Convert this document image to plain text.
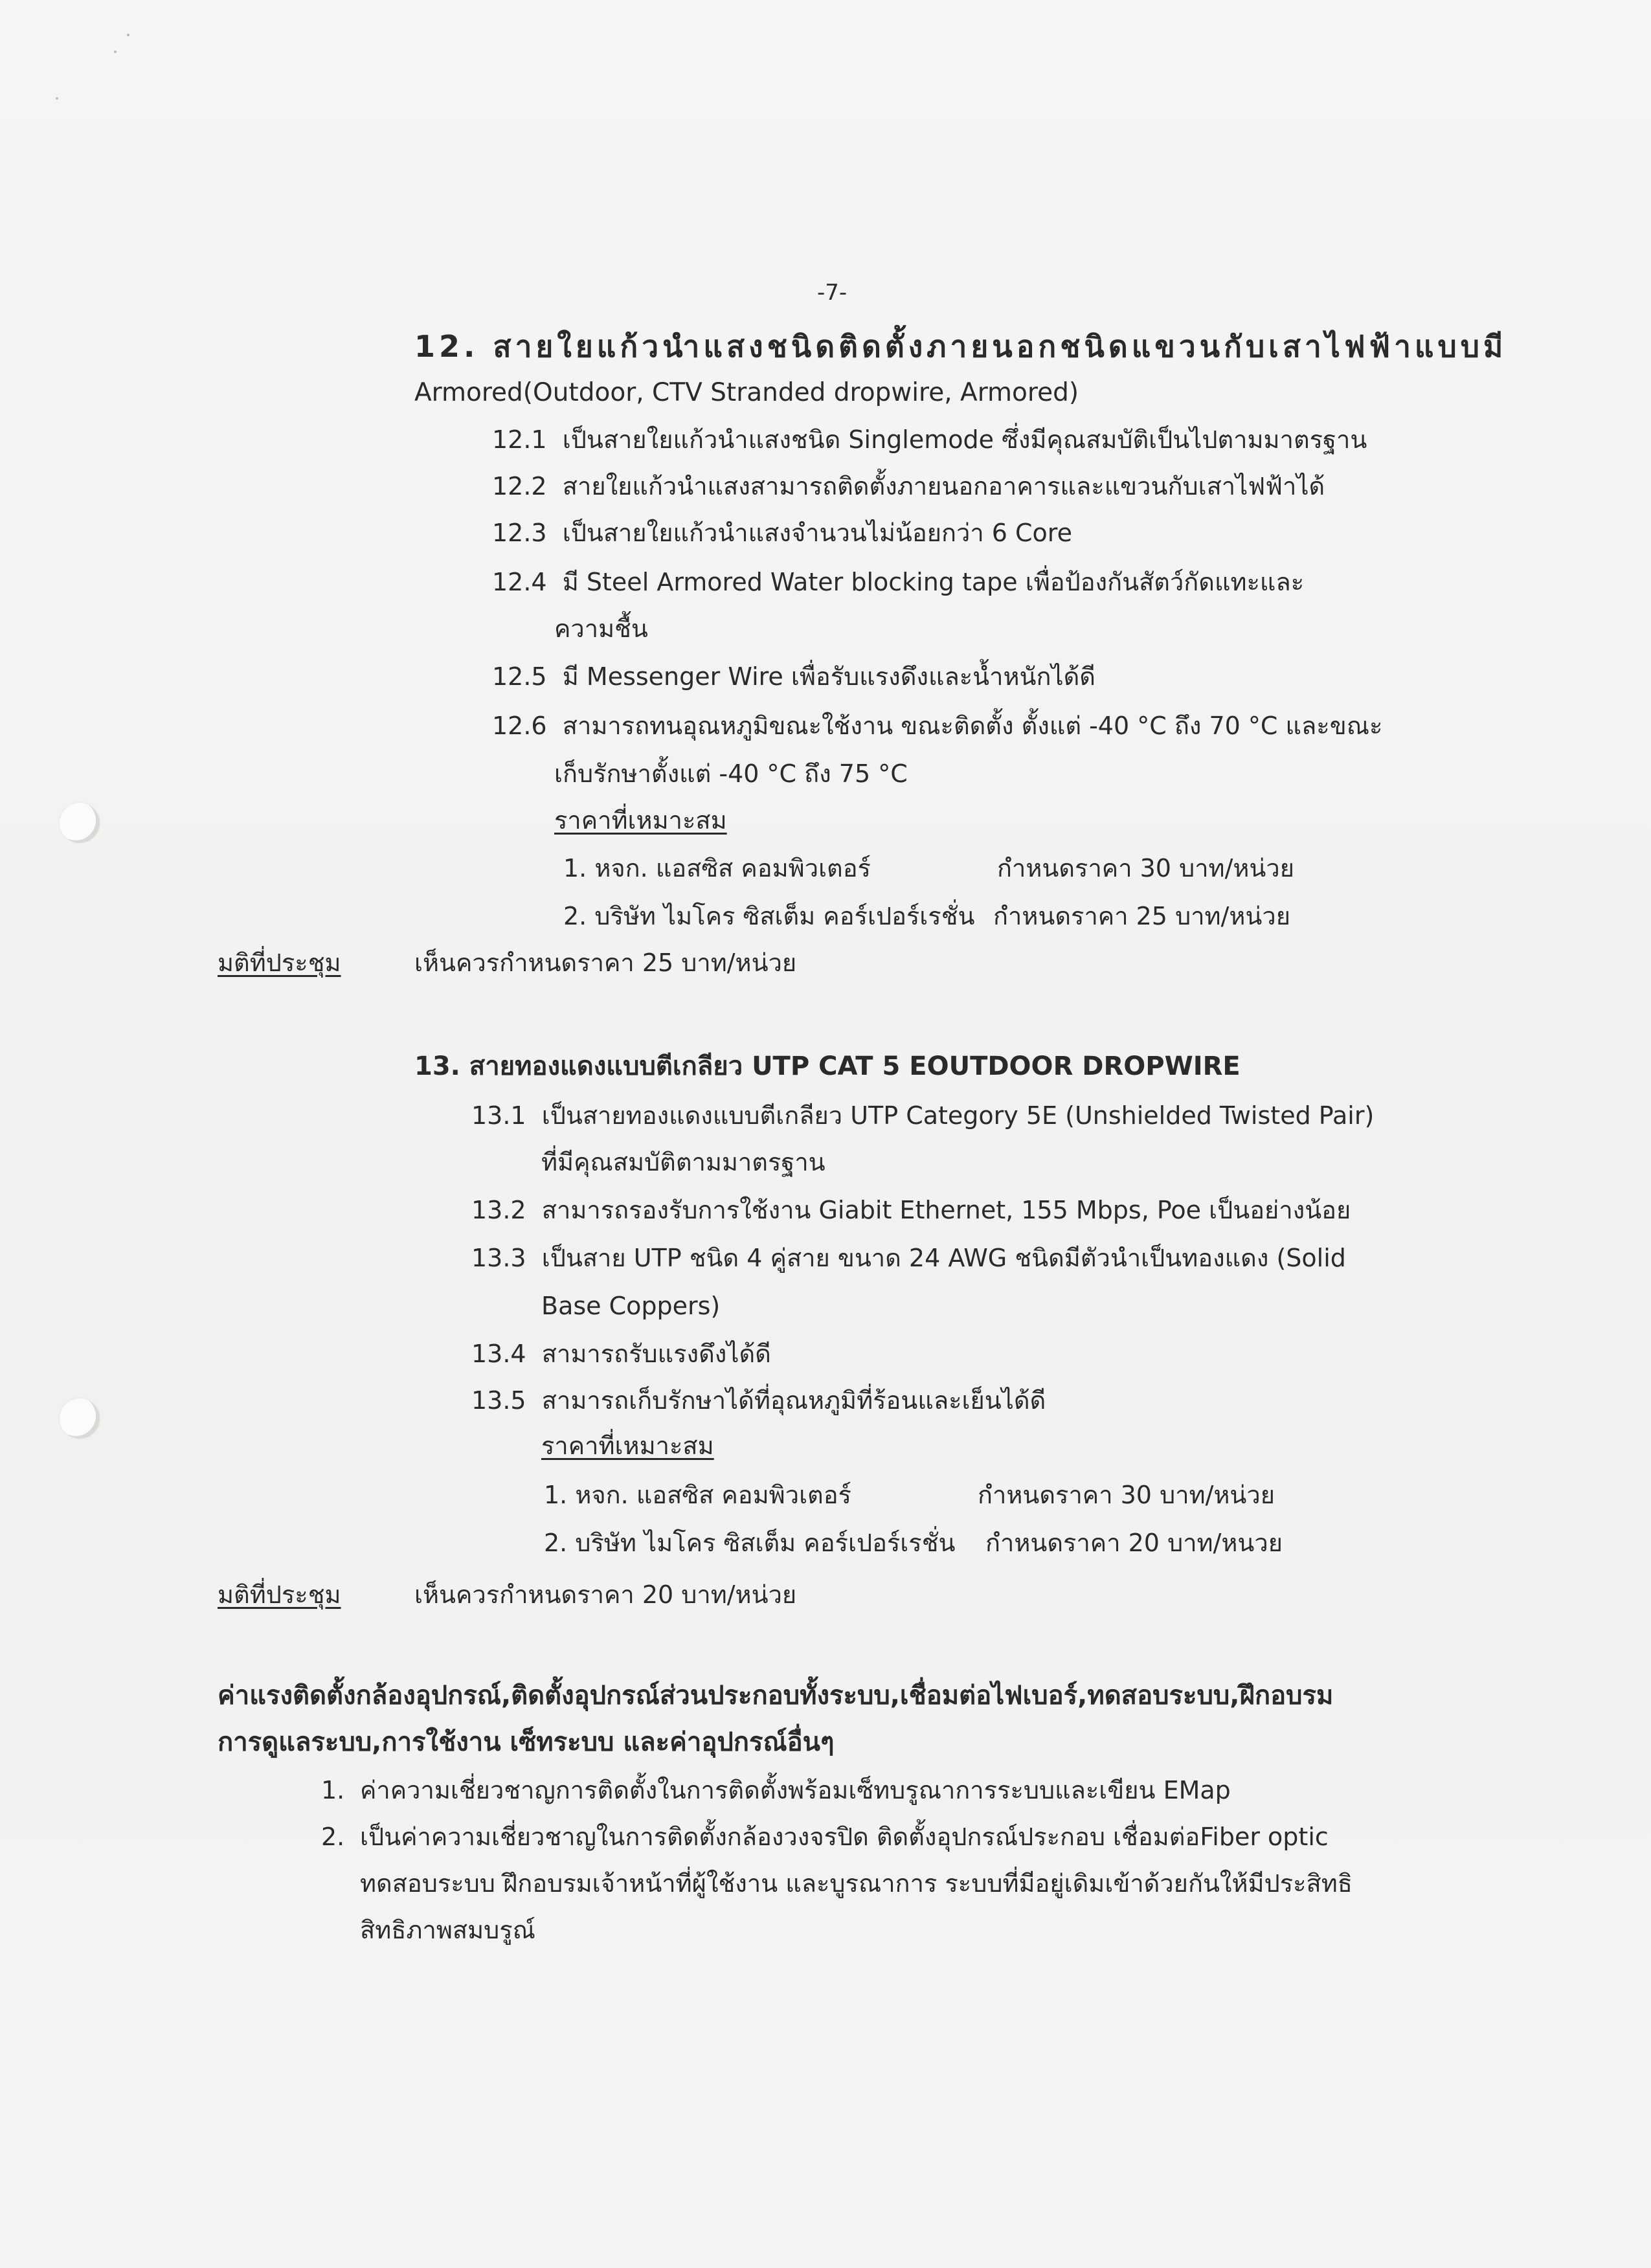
-7-
12. สายใยแก้วนำแสงชนิดติดตั้งภายนอกชนิดแขวนกับเสาไฟฟ้าแบบมี
Armored(Outdoor, CTV Stranded dropwire, Armored)
12.1 เป็นสายใยแก้วนำแสงชนิด Singlemode ซึ่งมีคุณสมบัติเป็นไปตามมาตรฐาน
12.2 สายใยแก้วนำแสงสามารถติดตั้งภายนอกอาคารและแขวนกับเสาไฟฟ้าได้
12.3 เป็นสายใยแก้วนำแสงจำนวนไม่น้อยกว่า 6 Core
12.4 มี Steel Armored Water blocking tape เพื่อป้องกันสัตว์กัดแทะและ
ความชื้น
12.5 มี Messenger Wire เพื่อรับแรงดึงและน้ำหนักได้ดี
12.6 สามารถทนอุณหภูมิขณะใช้งาน ขณะติดตั้ง ตั้งแต่ -40 °C ถึง 70 °C และขณะ
เก็บรักษาตั้งแต่ -40 °C ถึง 75 °C
ราคาที่เหมาะสม
1. หจก. แอสซิส คอมพิวเตอร์	กำหนดราคา 30 บาท/หน่วย
2. บริษัท ไมโคร ซิสเต็ม คอร์เปอร์เรชั่น กำหนดราคา 25 บาท/หน่วย
มติที่ประชุม	เห็นควรกำหนดราคา 25 บาท/หน่วย
13. สายทองแดงแบบตีเกลียว UTP CAT 5 EOUTDOOR DROPWIRE
13.1 เป็นสายทองแดงแบบตีเกลียว UTP Category 5E (Unshielded Twisted Pair)
ที่มีคุณสมบัติตามมาตรฐาน
13.2 สามารถรองรับการใช้งาน Giabit Ethernet, 155 Mbps, Poe เป็นอย่างน้อย
13.3 เป็นสาย UTP ชนิด 4 คู่สาย ขนาด 24 AWG ชนิดมีตัวนำเป็นทองแดง (Solid
Base Coppers)
13.4 สามารถรับแรงดึงได้ดี
13.5 สามารถเก็บรักษาได้ที่อุณหภูมิที่ร้อนและเย็นได้ดี
ราคาที่เหมาะสม
1. หจก. แอสซิส คอมพิวเตอร์	กำหนดราคา 30 บาท/หน่วย
2. บริษัท ไมโคร ซิสเต็ม คอร์เปอร์เรชั่น กำหนดราคา 20 บาท/หนวย
มติที่ประชุม	เห็นควรกำหนดราคา 20 บาท/หน่วย
ค่าแรงติดตั้งกล้องอุปกรณ์,ติดตั้งอุปกรณ์ส่วนประกอบทั้งระบบ,เชื่อมต่อไฟเบอร์,ทดสอบระบบ,ฝึกอบรม
การดูแลระบบ,การใช้งาน เซ็ทระบบ และค่าอุปกรณ์อื่นๆ
1. ค่าความเชี่ยวชาญการติดตั้งในการติดตั้งพร้อมเซ็ทบรูณาการระบบและเขียน EMap
2. เป็นค่าความเชี่ยวชาญในการติดตั้งกล้องวงจรปิด ติดตั้งอุปกรณ์ประกอบ เชื่อมต่อFiber optic
ทดสอบระบบ ฝึกอบรมเจ้าหน้าที่ผู้ใช้งาน และบูรณาการ ระบบที่มีอยู่เดิมเข้าด้วยกันให้มีประสิทธิ
สิทธิภาพสมบรูณ์
